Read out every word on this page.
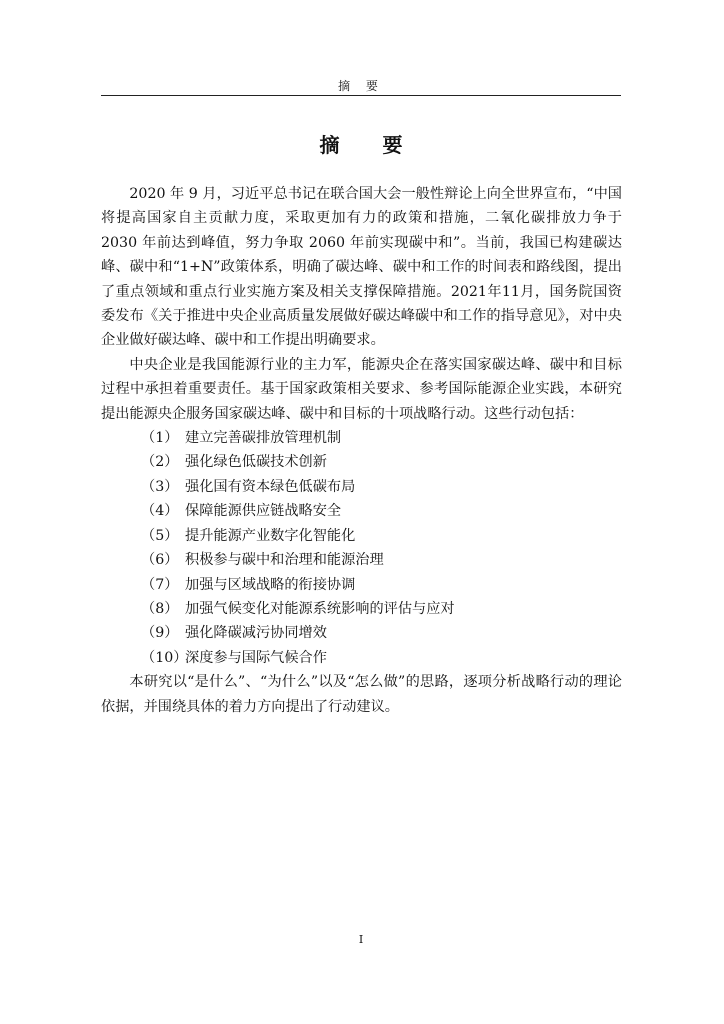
摘 要
摘 要

2020 年 9 月，习近平总书记在联合国大会一般性辩论上向全世界宣布，“中国将提高国家自主贡献力度，采取更加有力的政策和措施，二氧化碳排放力争于 2030 年前达到峰值，努力争取 2060 年前实现碳中和”。当前，我国已构建碳达峰、碳中和“1+N”政策体系，明确了碳达峰、碳中和工作的时间表和路线图，提出了重点领域和重点行业实施方案及相关支撑保障措施。2021年11月，国务院国资委发布《关于推进中央企业高质量发展做好碳达峰碳中和工作的指导意见》，对中央企业做好碳达峰、碳中和工作提出明确要求。

中央企业是我国能源行业的主力军，能源央企在落实国家碳达峰、碳中和目标过程中承担着重要责任。基于国家政策相关要求、参考国际能源企业实践，本研究提出能源央企服务国家碳达峰、碳中和目标的十项战略行动。这些行动包括：

（1） 建立完善碳排放管理机制
（2） 强化绿色低碳技术创新
（3） 强化国有资本绿色低碳布局
（4） 保障能源供应链战略安全
（5） 提升能源产业数字化智能化
（6） 积极参与碳中和治理和能源治理
（7） 加强与区域战略的衔接协调
（8） 加强气候变化对能源系统影响的评估与应对
（9） 强化降碳减污协同增效
（10）深度参与国际气候合作

本研究以“是什么”、“为什么”以及“怎么做”的思路，逐项分析战略行动的理论依据，并围绕具体的着力方向提出了行动建议。

I
